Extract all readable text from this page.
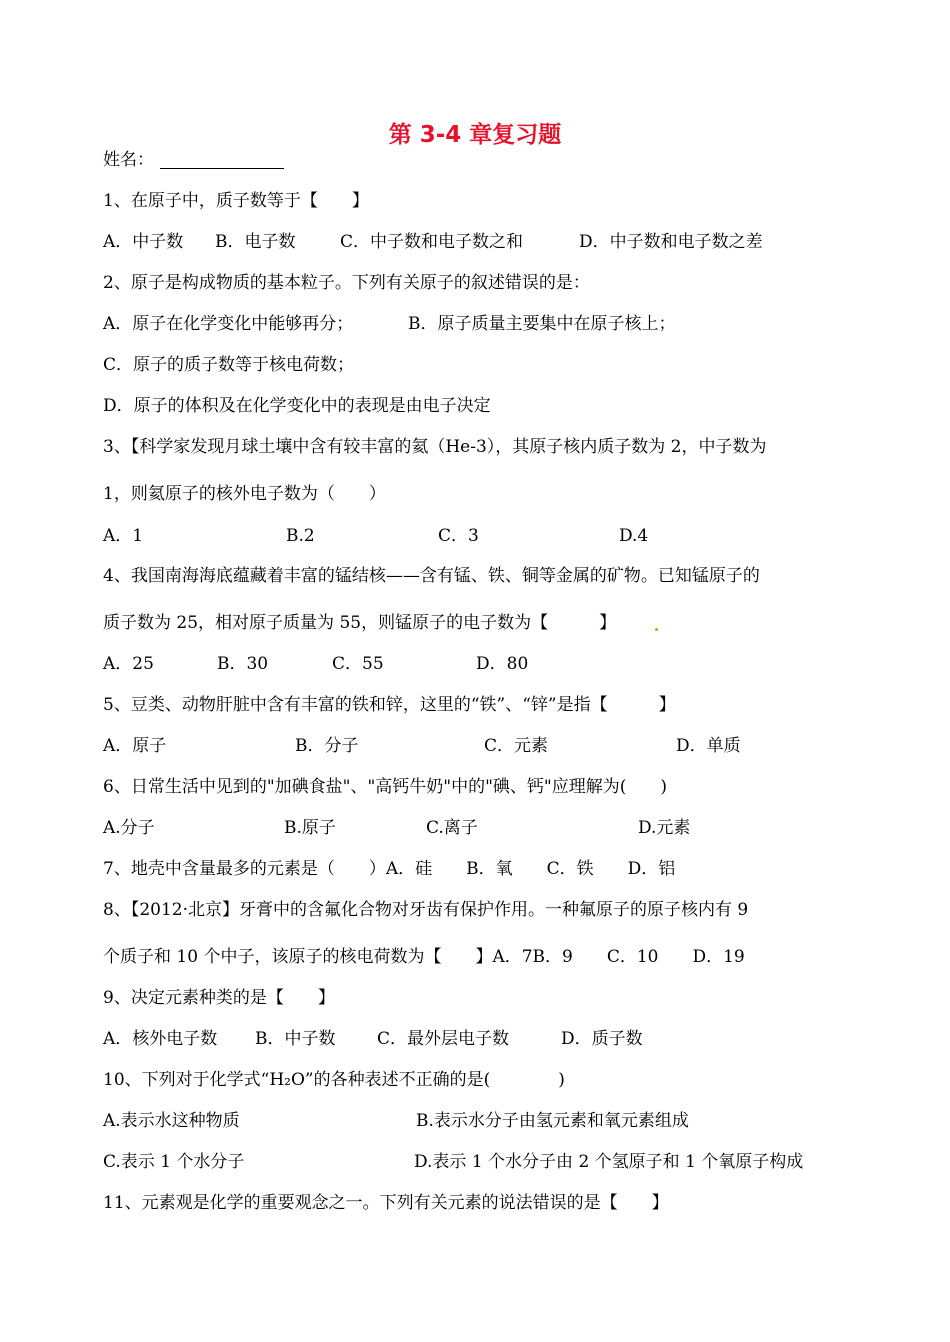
第 3-4 章复习题
姓名：
1、在原子中，质子数等于【　　】
A．中子数 B．电子数	C．中子数和电子数之和	D．中子数和电子数之差
2、原子是构成物质的基本粒子。下列有关原子的叙述错误的是：
A．原子在化学变化中能够再分；	B．原子质量主要集中在原子核上；
C．原子的质子数等于核电荷数；
D．原子的体积及在化学变化中的表现是由电子决定
3、【科学家发现月球土壤中含有较丰富的氦（He-3），其原子核内质子数为 2，中子数为
1，则氦原子的核外电子数为（　　）
A．1	B.2	C．3	D.4
4、我国南海海底蕴藏着丰富的锰结核——含有锰、铁、铜等金属的矿物。已知锰原子的
质子数为 25，相对原子质量为 55，则锰原子的电子数为【　　　】
A．25	B．30	C．55	D．80
5、豆类、动物肝脏中含有丰富的铁和锌，这里的“铁”、“锌”是指【　　　】
A．原子	B．分子	C．元素	D．单质
6、日常生活中见到的"加碘食盐"、"高钙牛奶"中的"碘、钙"应理解为(　　)
A.分子	B.原子	C.离子	D.元素
7、地壳中含量最多的元素是（　　）A．硅　　B．氧　　C．铁　　D．铝
8、【2012·北京】牙膏中的含氟化合物对牙齿有保护作用。一种氟原子的原子核内有 9
个质子和 10 个中子，该原子的核电荷数为【　　】A．7B．9　　C．10　　D．19
9、决定元素种类的是【　　】
A．核外电子数 B．中子数 C．最外层电子数	D．质子数
10、下列对于化学式“H₂O”的各种表述不正确的是(　　　　)
A.表示水这种物质	B.表示水分子由氢元素和氧元素组成
C.表示 1 个水分子	D.表示 1 个水分子由 2 个氢原子和 1 个氧原子构成
11、元素观是化学的重要观念之一。下列有关元素的说法错误的是【　　】
